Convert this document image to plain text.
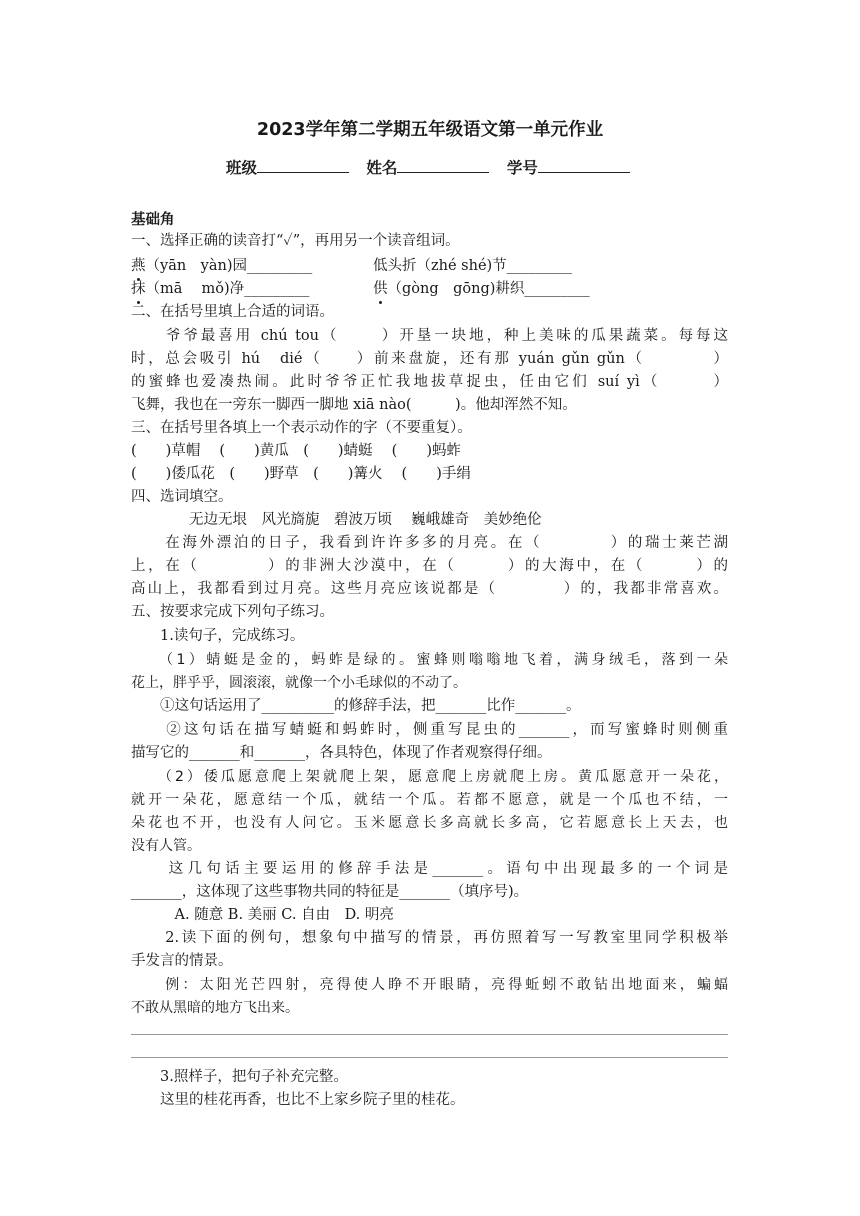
2023学年第二学期五年级语文第一单元作业
班级	姓名	学号
基础角
一、选择正确的读音打“✓”，再用另一个读音组词。
燕（yān　yàn)园_________	低头折（zhé shé)节_________
抹（mā　 mǒ)净_________	供（gòng　gōng)耕织_________
二、在括号里填上合适的词语。
　　爷爷最喜用 chú tou（　　 ）开垦一块地，种上美味的瓜果蔬菜。每每这
时，总会吸引 hú　dié（　　）前来盘旋，还有那 yuán gǔn gǔn（　　　　）
的蜜蜂也爱凑热闹。此时爷爷正忙我地拔草捉虫，任由它们 suí yì（　　　）
飞舞，我也在一旁东一脚西一脚地 xiā nào(　　　)。他却浑然不知。
三、在括号里各填上一个表示动作的字（不要重复）。
(　　)草帽　 (　　)黄瓜　(　　)蜻蜓　 (　　)蚂蚱
(　　)倭瓜花　(　　)野草　(　　)篝火　 (　　)手绢
四、选词填空。
　　　　无边无垠　风光旖旎　碧波万顷　 巍峨雄奇　美妙绝伦
　　在海外漂泊的日子，我看到许许多多的月亮。在（　　　　）的瑞士莱芒湖
上，在（　　　　）的非洲大沙漠中，在（　　　）的大海中，在（　　　）的
高山上，我都看到过月亮。这些月亮应该说都是（　　　　）的，我都非常喜欢。
五、按要求完成下列句子练习。
　　1.读句子，完成练习。
　　（1）蜻蜓是金的，蚂蚱是绿的。蜜蜂则嗡嗡地飞着，满身绒毛，落到一朵
花上，胖乎乎，圆滚滚，就像一个小毛球似的不动了。
　　①这句话运用了__________的修辞手法，把_______比作_______。
　　②这句话在描写蜻蜓和蚂蚱时，侧重写昆虫的_______，而写蜜蜂时则侧重
描写它的_______和_______，各具特色，体现了作者观察得仔细。
　　（2）倭瓜愿意爬上架就爬上架，愿意爬上房就爬上房。黄瓜愿意开一朵花，
就开一朵花，愿意结一个瓜，就结一个瓜。若都不愿意，就是一个瓜也不结，一
朵花也不开，也没有人问它。玉米愿意长多高就长多高，它若愿意长上天去，也
没有人管。
　　这几句话主要运用的修辞手法是_______。语句中出现最多的一个词是
_______，这体现了这些事物共同的特征是_______（填序号)。
　　　A. 随意 B. 美丽 C. 自由　D. 明亮
　　2.读下面的例句，想象句中描写的情景，再仿照着写一写教室里同学积极举
手发言的情景。
　　例：太阳光芒四射，亮得使人睁不开眼睛，亮得蚯蚓不敢钻出地面来，蝙蝠
不敢从黑暗的地方飞出来。
　　3.照样子，把句子补充完整。
　　这里的桂花再香，也比不上家乡院子里的桂花。
